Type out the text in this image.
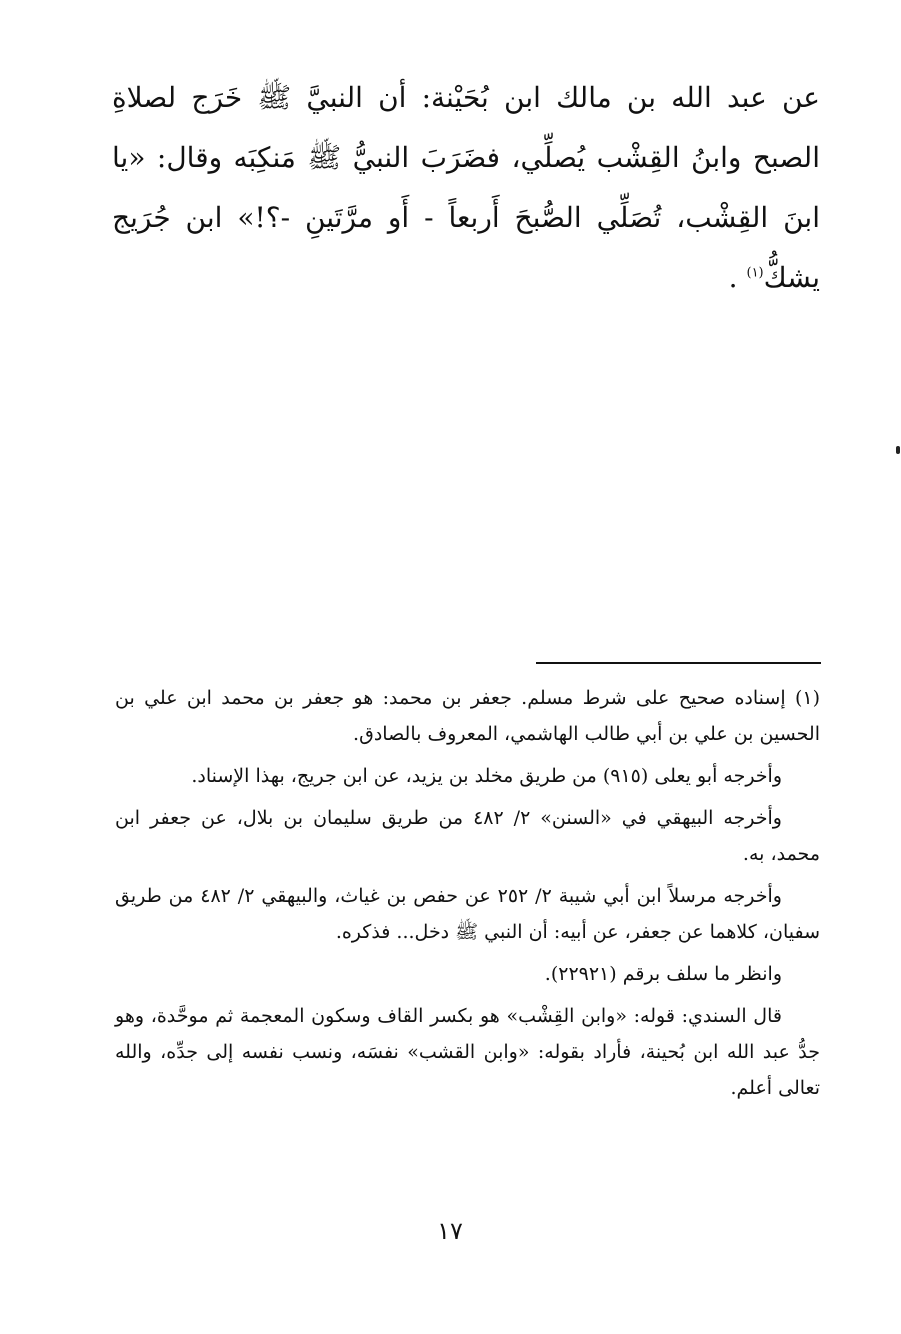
عن عبد الله بن مالك ابن بُحَيْنة: أن النبيَّ ﷺ خَرَج لصلاةِ الصبح وابنُ القِشْب يُصلِّي، فضَرَبَ النبيُّ ﷺ مَنكِبَه وقال: «يا ابنَ القِشْب، تُصَلِّي الصُّبحَ أَربعاً - أَو مرَّتَينِ -؟!» ابن جُرَيج يشكُّ$^{(١)}$ .

(١) إسناده صحيح على شرط مسلم. جعفر بن محمد: هو جعفر بن محمد ابن علي بن الحسين بن علي بن أبي طالب الهاشمي، المعروف بالصادق.

وأخرجه أبو يعلى (٩١٥) من طريق مخلد بن يزيد، عن ابن جريج، بهذا الإسناد.

وأخرجه البيهقي في «السنن» ٢/ ٤٨٢ من طريق سليمان بن بلال، عن جعفر ابن محمد، به.

وأخرجه مرسلاً ابن أبي شيبة ٢/ ٢٥٢ عن حفص بن غياث، والبيهقي ٢/ ٤٨٢ من طريق سفيان، كلاهما عن جعفر، عن أبيه: أن النبي ﷺ دخل... فذكره.

وانظر ما سلف برقم (٢٢٩٢١).

قال السندي: قوله: «وابن القِشْب» هو بكسر القاف وسكون المعجمة ثم موحَّدة، وهو جدُّ عبد الله ابن بُحينة، فأراد بقوله: «وابن القشب» نفسَه، ونسب نفسه إلى جدِّه، والله تعالى أعلم.

١٧
